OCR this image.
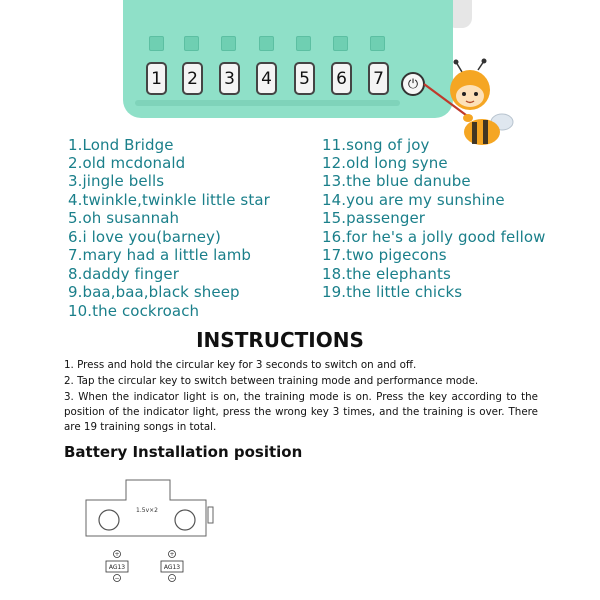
1 2 3 4 5 6 7	⏻
1.Lond Bridge
2.old mcdonald
3.jingle bells
4.twinkle,twinkle little star
5.oh susannah
6.i love you(barney)
7.mary had a little lamb
8.daddy finger
9.baa,baa,black sheep
10.the cockroach
11.song of joy
12.old long syne
13.the blue danube
14.you are my sunshine
15.passenger
16.for he's a jolly good fellow
17.two pigecons
18.the elephants
19.the little chicks
INSTRUCTIONS
1. Press and hold the circular key for 3 seconds to switch on and off.
2. Tap the circular key to switch between training mode and performance mode.
3. When the indicator light is on, the training mode is on. Press the key according to the position of the indicator light, press the wrong key 3 times, and the training is over. There are 19 training songs in total.
Battery Installation position
1.5v×2
+
AG13
−
+
AG13
−
